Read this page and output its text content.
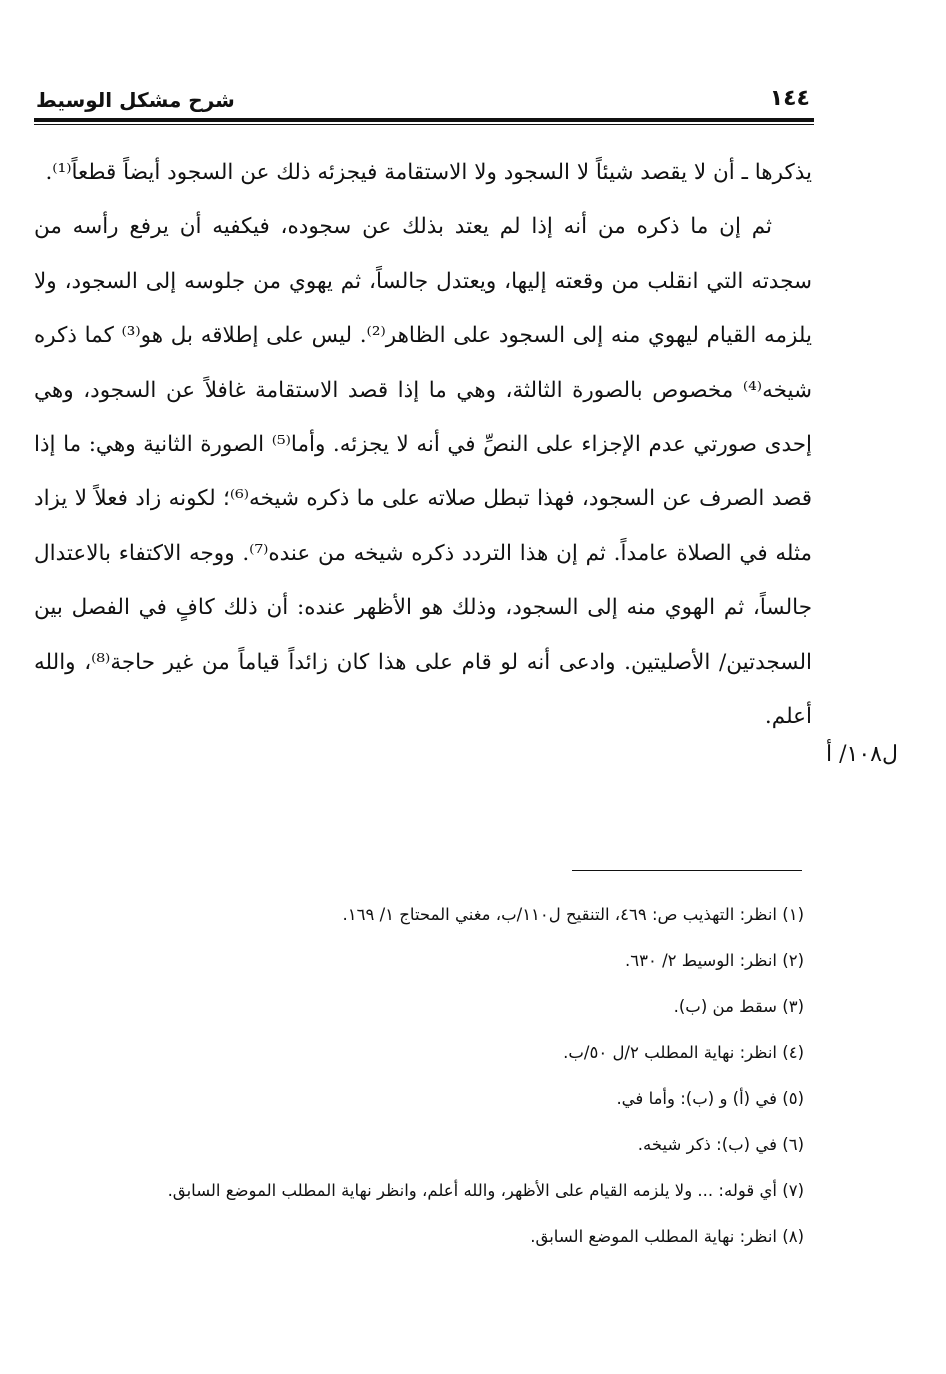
شرح مشكل الوسيط	١٤٤

يذكرها ـ أن لا يقصد شيئاً لا السجود ولا الاستقامة فيجزئه ذلك عن السجود أيضاً قطعاً⁽¹⁾.

ثم إن ما ذكره من أنه إذا لم يعتد بذلك عن سجوده، فيكفيه أن يرفع رأسه من سجدته التي انقلب من وقعته إليها، ويعتدل جالساً، ثم يهوي من جلوسه إلى السجود، ولا يلزمه القيام ليهوي منه إلى السجود على الظاهر⁽²⁾. ليس على إطلاقه بل هو⁽³⁾ كما ذكره شيخه⁽⁴⁾ مخصوص بالصورة الثالثة، وهي ما إذا قصد الاستقامة غافلاً عن السجود، وهي إحدى صورتي عدم الإجزاء على النصِّ في أنه لا يجزئه. وأما⁽⁵⁾ الصورة الثانية وهي: ما إذا قصد الصرف عن السجود، فهذا تبطل صلاته على ما ذكره شيخه⁽⁶⁾؛ لكونه زاد فعلاً لا يزاد مثله في الصلاة عامداً. ثم إن هذا التردد ذكره شيخه من عنده⁽⁷⁾. ووجه الاكتفاء بالاعتدال جالساً، ثم الهوي منه إلى السجود، وذلك هو الأظهر عنده: أن ذلك كافٍ في الفصل بين السجدتين/ الأصليتين. وادعى أنه لو قام على هذا كان زائداً قياماً من غير حاجة⁽⁸⁾، والله أعلم.

ل١٠٨/ أ

(١) انظر: التهذيب ص: ٤٦٩، التنقيح ل١١٠/ب، مغني المحتاج ١/ ١٦٩.

(٢) انظر: الوسيط ٢/ ٦٣٠.

(٣) سقط من (ب).

(٤) انظر: نهاية المطلب ٢/ل ٥٠/ب.

(٥) في (أ) و (ب): وأما في.

(٦) في (ب): ذكر شيخه.

(٧) أي قوله: ... ولا يلزمه القيام على الأظهر، والله أعلم، وانظر نهاية المطلب الموضع السابق.

(٨) انظر: نهاية المطلب الموضع السابق.
